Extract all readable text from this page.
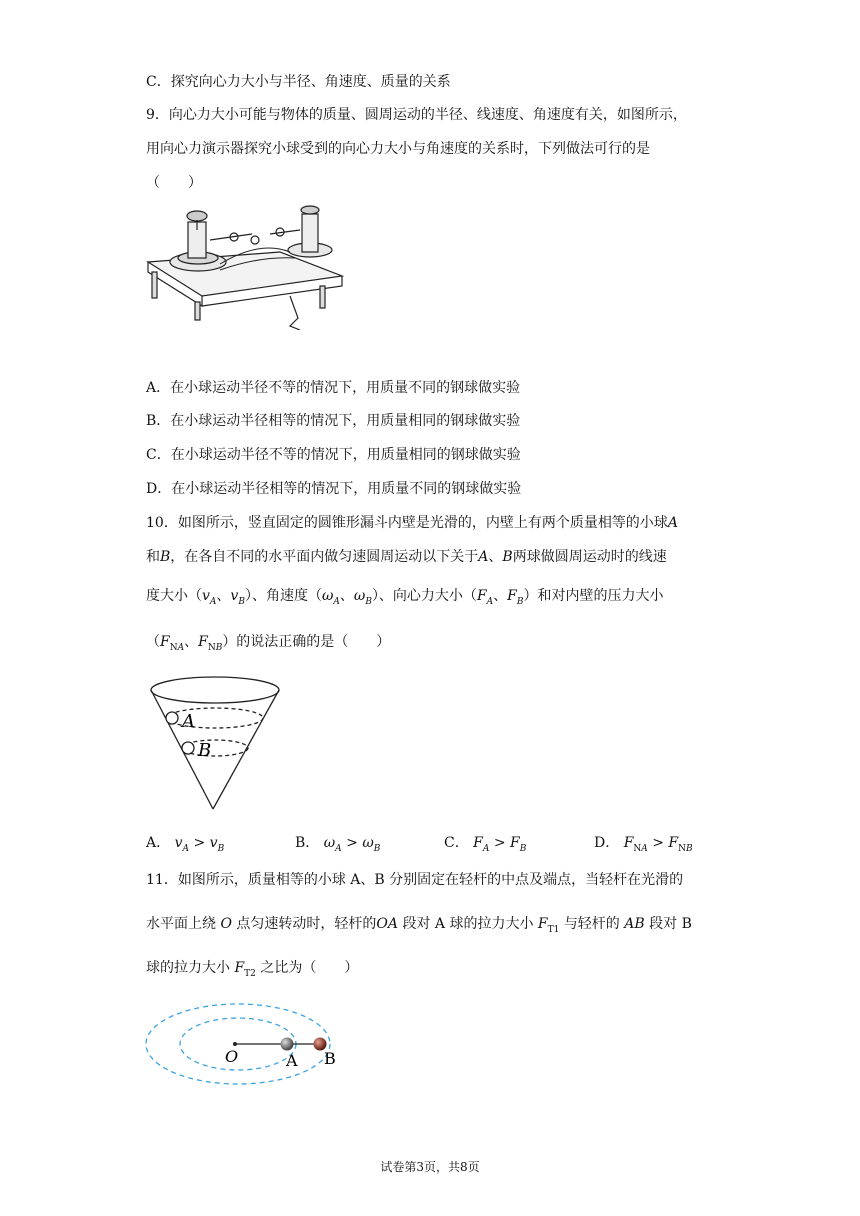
C．探究向心力大小与半径、角速度、质量的关系
9．向心力大小可能与物体的质量、圆周运动的半径、线速度、角速度有关，如图所示，
用向心力演示器探究小球受到的向心力大小与角速度的关系时，下列做法可行的是
（　　）
A．在小球运动半径不等的情况下，用质量不同的钢球做实验
B．在小球运动半径相等的情况下，用质量相同的钢球做实验
C．在小球运动半径不等的情况下，用质量相同的钢球做实验
D．在小球运动半径相等的情况下，用质量不同的钢球做实验
10．如图所示，竖直固定的圆锥形漏斗内壁是光滑的，内壁上有两个质量相等的小球A
和B，在各自不同的水平面内做匀速圆周运动以下关于A、B两球做圆周运动时的线速
度大小（$v_A$、$v_B$）、角速度（$\omega_A$、$\omega_B$）、向心力大小（$F_A$、$F_B$）和对内壁的压力大小
（$F_{NA}$、$F_{NB}$）的说法正确的是（　　）
A
B
A． $v_A > v_B$	B． $\omega_A > \omega_B$	C． $F_A > F_B$	D． $F_{NA} > F_{NB}$
11．如图所示，质量相等的小球 A、B 分别固定在轻杆的中点及端点，当轻杆在光滑的
水平面上绕 O 点匀速转动时，轻杆的OA 段对 A 球的拉力大小 $F_{T1}$ 与轻杆的 AB 段对 B
球的拉力大小 $F_{T2}$ 之比为（　　）
O	A B
试卷第3页，共8页
